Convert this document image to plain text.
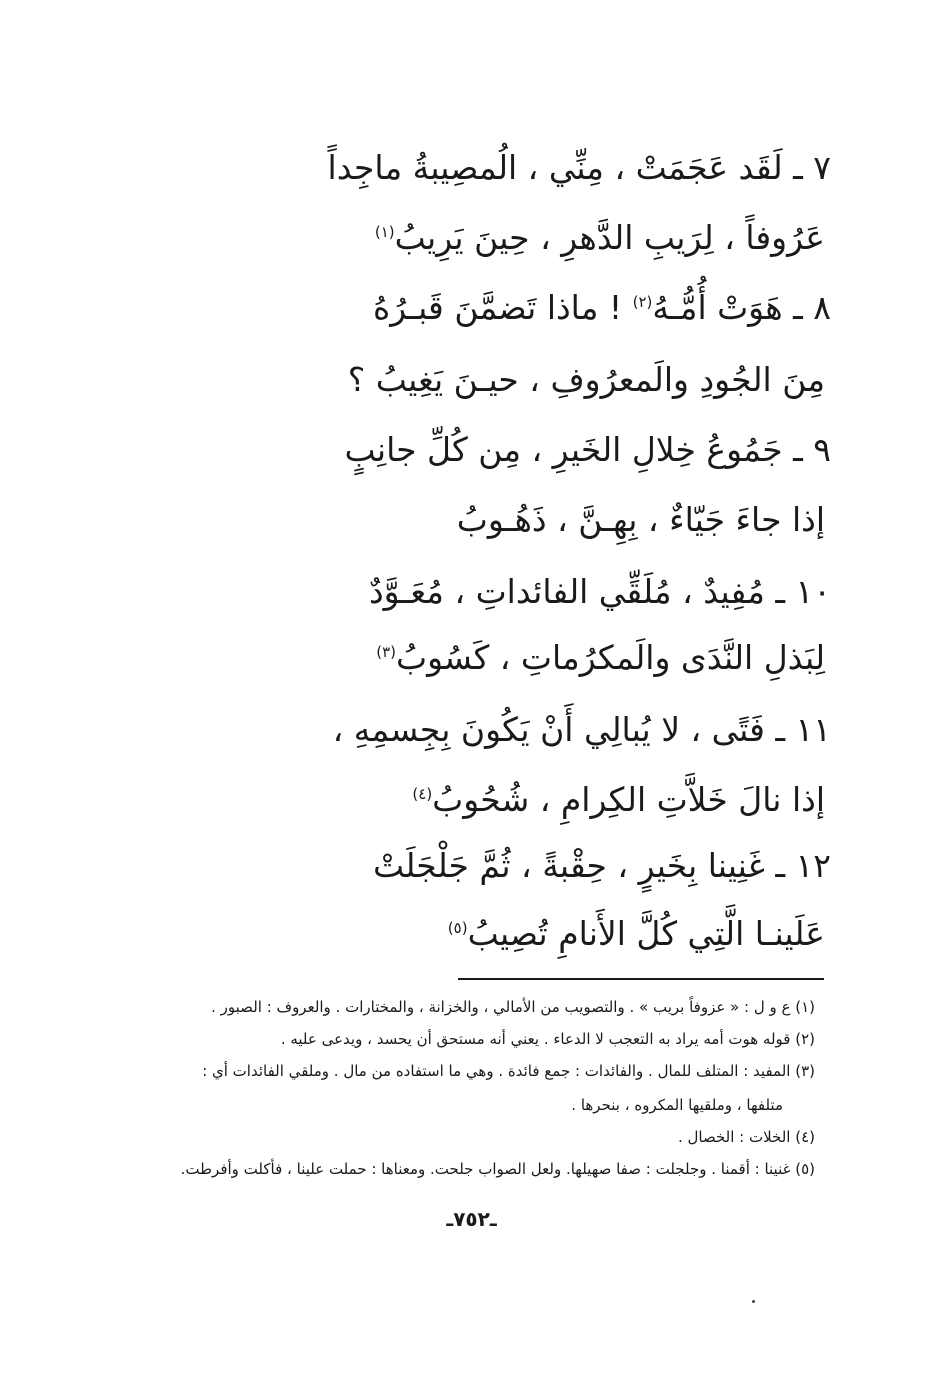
٧ ـ لَقَد عَجَمَتْ ، مِنِّي ، الُمصِيبةُ ماجِداً
عَرُوفاً ، لِرَيبِ الدَّهرِ ، حِينَ يَرِيبُ$^{(١)}$
٨ ـ هَوَتْ أُمُّـهُ$^{(٢)}$ ! ماذا تَضمَّنَ قَبـرُهُ
مِنَ الجُودِ والَمعرُوفِ ، حيـنَ يَغِيبُ ؟
٩ ـ جَمُوعُ خِلالِ الخَيرِ ، مِن كُلِّ جانِبٍ
إذا جاءَ جَيّاءٌ ، بِهِـنَّ ، ذَهُـوبُ
١٠ ـ مُفِيدٌ ، مُلَقِّي الفائداتِ ، مُعَـوَّدٌ
لِبَذلِ النَّدَى والَمكرُماتِ ، كَسُوبُ$^{(٣)}$
١١ ـ فَتًى ، لا يُبالِي أَنْ يَكُونَ بِجِسمِهِ ،
إذا نالَ خَلاَّتِ الكِرامِ ، شُحُوبُ$^{(٤)}$
١٢ ـ غَنِينا بِخَيرٍ ، حِقْبةً ، ثُمَّ جَلْجَلَتْ
عَلَينـا الَّتِي كُلَّ الأَنامِ تُصِيبُ$^{(٥)}$
(١) ع و ل : « عزوفاً بريب » . والتصويب من الأمالي ، والخزانة ، والمختارات . والعروف : الصبور .
(٢) قوله هوت أمه يراد به التعجب لا الدعاء . يعني أنه مستحق أن يحسد ، ويدعى عليه .
(٣) المفيد : المتلف للمال . والفائدات : جمع فائدة . وهي ما استفاده من مال . وملقي الفائدات أي :
متلفها ، وملقيها المكروه ، بنحرها .
(٤) الخلات : الخصال .
(٥) غنينا : أقمنا . وجلجلت : صفا صهيلها. ولعل الصواب جلحت. ومعناها : حملت علينا ، فأكلت وأفرطت.
ـ٧٥٢ـ
